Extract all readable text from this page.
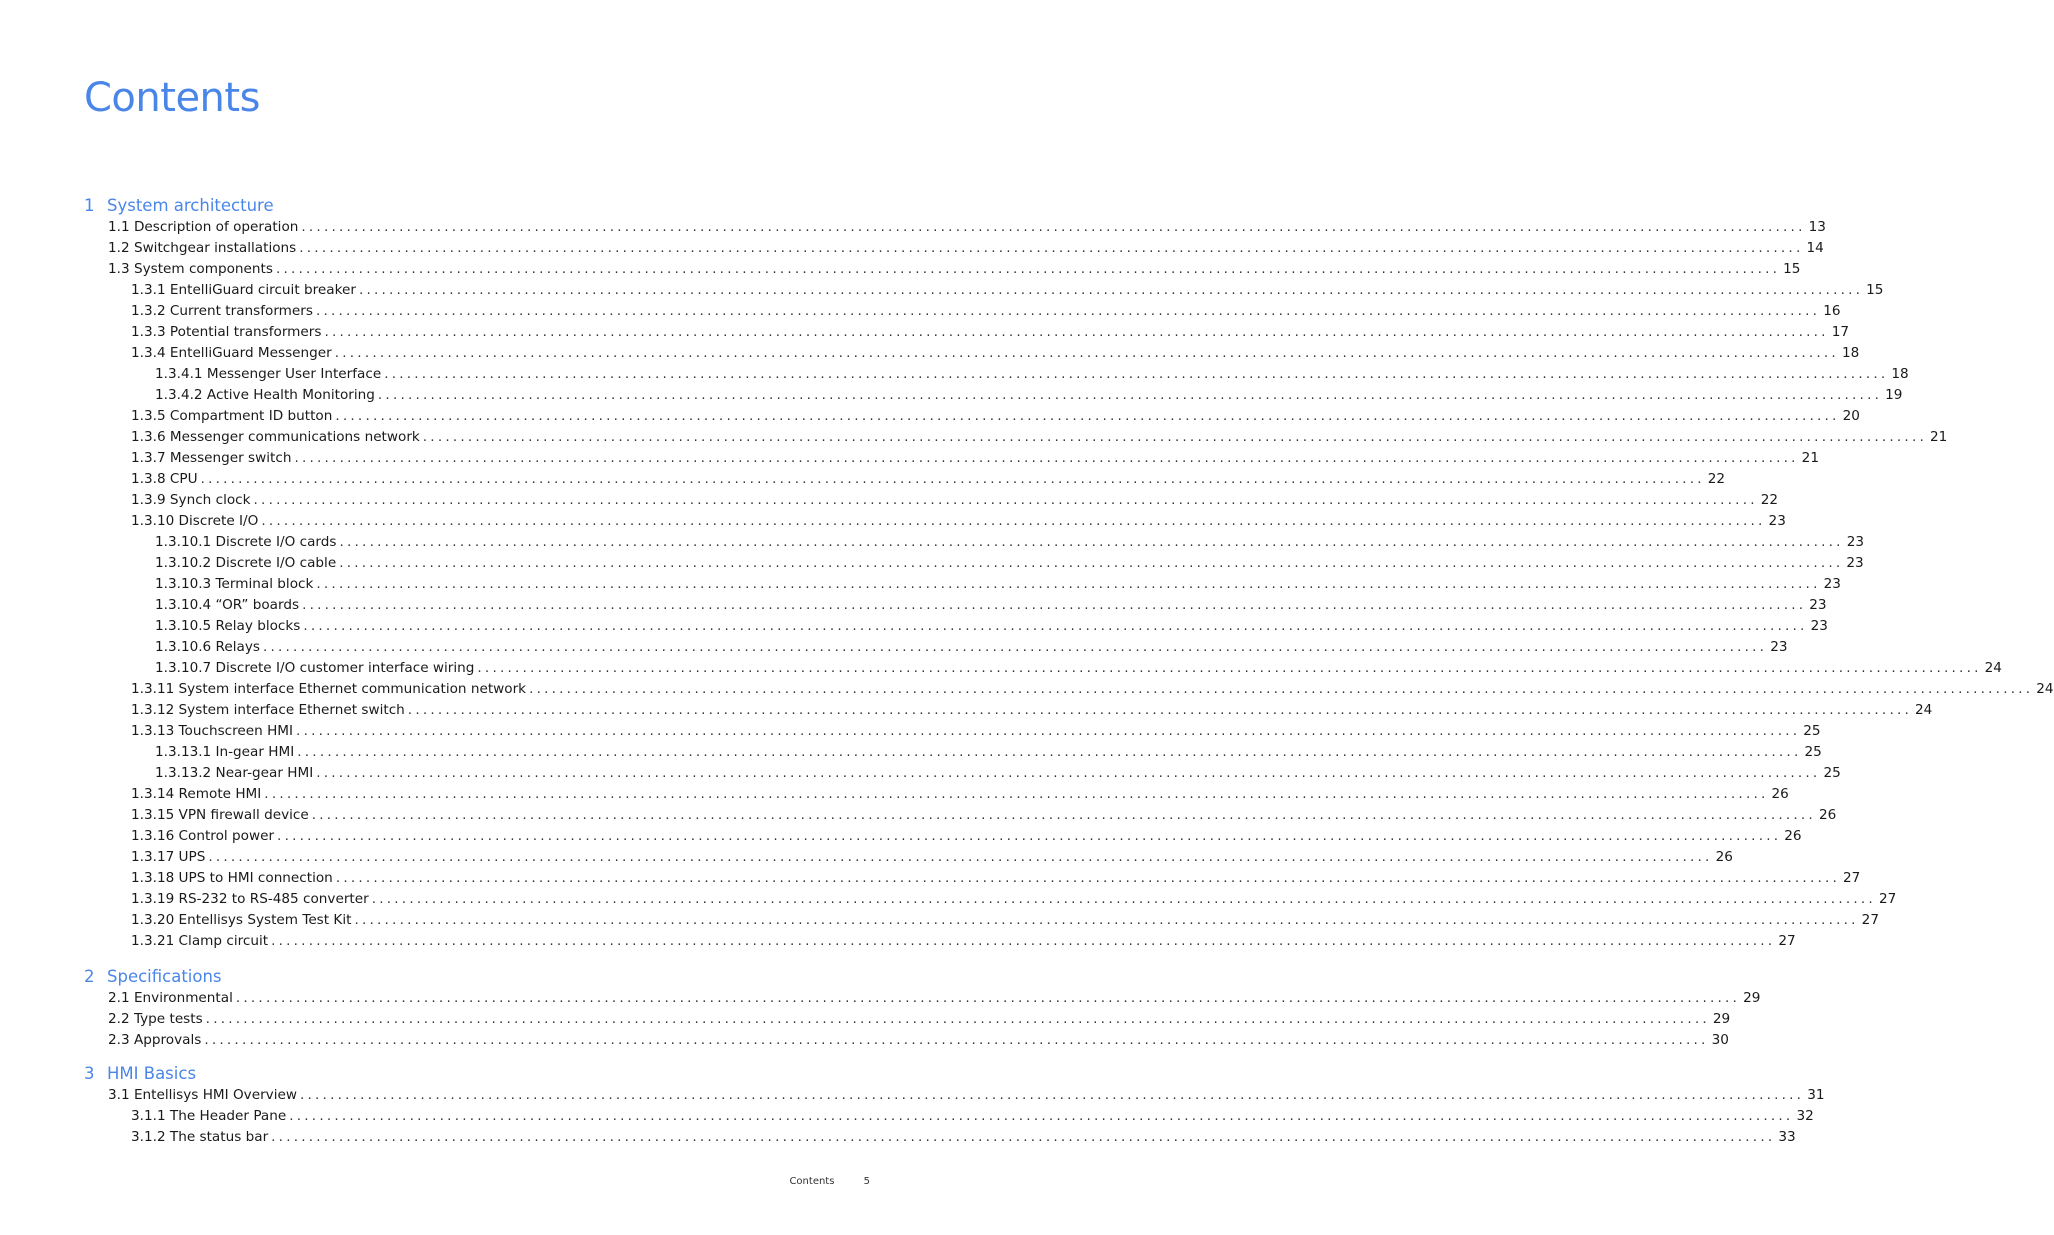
Contents
1 System architecture
1.1 Description of operation ........................................................................................................................................................................................................ 13
1.2 Switchgear installations ........................................................................................................................................................................................................ 14
1.3 System components ........................................................................................................................................................................................................ 15
1.3.1 EntelliGuard circuit breaker ........................................................................................................................................................................................................ 15
1.3.2 Current transformers ........................................................................................................................................................................................................ 16
1.3.3 Potential transformers ........................................................................................................................................................................................................ 17
1.3.4 EntelliGuard Messenger ........................................................................................................................................................................................................ 18
1.3.4.1 Messenger User Interface ........................................................................................................................................................................................................ 18
1.3.4.2 Active Health Monitoring ........................................................................................................................................................................................................ 19
1.3.5 Compartment ID button ........................................................................................................................................................................................................ 20
1.3.6 Messenger communications network ........................................................................................................................................................................................................ 21
1.3.7 Messenger switch ........................................................................................................................................................................................................ 21
1.3.8 CPU ........................................................................................................................................................................................................ 22
1.3.9 Synch clock ........................................................................................................................................................................................................ 22
1.3.10 Discrete I/O ........................................................................................................................................................................................................ 23
1.3.10.1 Discrete I/O cards ........................................................................................................................................................................................................ 23
1.3.10.2 Discrete I/O cable ........................................................................................................................................................................................................ 23
1.3.10.3 Terminal block ........................................................................................................................................................................................................ 23
1.3.10.4 “OR” boards ........................................................................................................................................................................................................ 23
1.3.10.5 Relay blocks ........................................................................................................................................................................................................ 23
1.3.10.6 Relays ........................................................................................................................................................................................................ 23
1.3.10.7 Discrete I/O customer interface wiring ........................................................................................................................................................................................................ 24
1.3.11 System interface Ethernet communication network ........................................................................................................................................................................................................ 24
1.3.12 System interface Ethernet switch ........................................................................................................................................................................................................ 24
1.3.13 Touchscreen HMI ........................................................................................................................................................................................................ 25
1.3.13.1 In-gear HMI ........................................................................................................................................................................................................ 25
1.3.13.2 Near-gear HMI ........................................................................................................................................................................................................ 25
1.3.14 Remote HMI ........................................................................................................................................................................................................ 26
1.3.15 VPN firewall device ........................................................................................................................................................................................................ 26
1.3.16 Control power ........................................................................................................................................................................................................ 26
1.3.17 UPS ........................................................................................................................................................................................................ 26
1.3.18 UPS to HMI connection ........................................................................................................................................................................................................ 27
1.3.19 RS-232 to RS-485 converter ........................................................................................................................................................................................................ 27
1.3.20 Entellisys System Test Kit ........................................................................................................................................................................................................ 27
1.3.21 Clamp circuit ........................................................................................................................................................................................................ 27
2 Specifications
2.1 Environmental ........................................................................................................................................................................................................ 29
2.2 Type tests ........................................................................................................................................................................................................ 29
2.3 Approvals ........................................................................................................................................................................................................ 30
3 HMI Basics
3.1 Entellisys HMI Overview ........................................................................................................................................................................................................ 31
3.1.1 The Header Pane ........................................................................................................................................................................................................ 32
3.1.2 The status bar ........................................................................................................................................................................................................ 33
Contents	5
